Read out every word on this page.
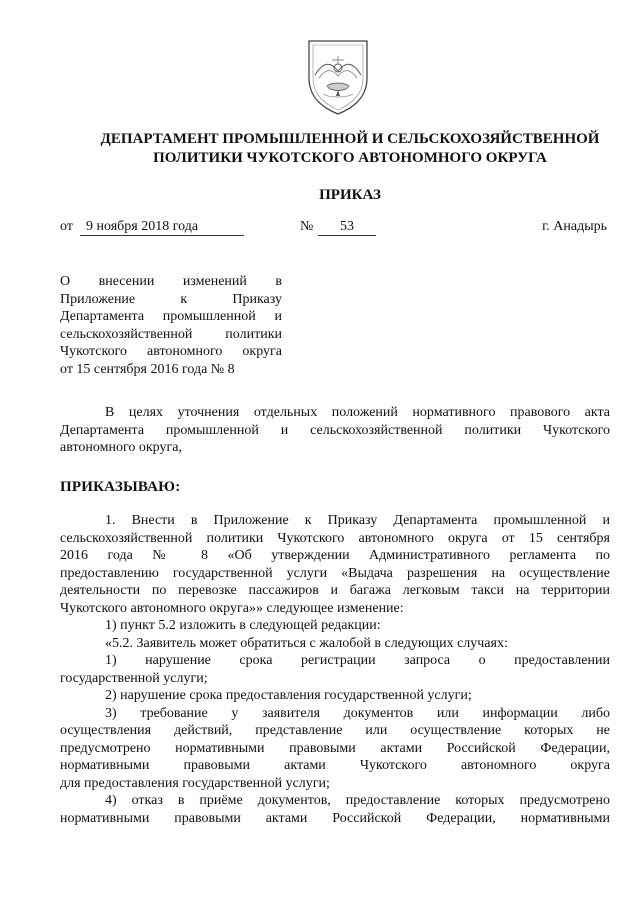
ДЕПАРТАМЕНТ ПРОМЫШЛЕННОЙ И СЕЛЬСКОХОЗЯЙСТВЕННОЙ
ПОЛИТИКИ ЧУКОТСКОГО АВТОНОМНОГО ОКРУГА
ПРИКАЗ
от 9 ноября 2018 года	№	53	г. Анадырь
О внесении изменений в
Приложение к Приказу
Департамента промышленной и
сельскохозяйственной политики
Чукотского автономного округа
от 15 сентября 2016 года № 8
В целях уточнения отдельных положений нормативного правового акта
Департамента промышленной и сельскохозяйственной политики Чукотского
автономного округа,
ПРИКАЗЫВАЮ:
1. Внести в Приложение к Приказу Департамента промышленной и
сельскохозяйственной политики Чукотского автономного округа от 15 сентября
2016 года № 8 «Об утверждении Административного регламента по
предоставлению государственной услуги «Выдача разрешения на осуществление
деятельности по перевозке пассажиров и багажа легковым такси на территории
Чукотского автономного округа»» следующее изменение:
1) пункт 5.2 изложить в следующей редакции:
«5.2. Заявитель может обратиться с жалобой в следующих случаях:
1) нарушение срока регистрации запроса о предоставлении
государственной услуги;
2) нарушение срока предоставления государственной услуги;
3) требование у заявителя документов или информации либо
осуществления действий, представление или осуществление которых не
предусмотрено нормативными правовыми актами Российской Федерации,
нормативными правовыми актами Чукотского автономного округа
для предоставления государственной услуги;
4) отказ в приёме документов, предоставление которых предусмотрено
нормативными правовыми актами Российской Федерации, нормативными
